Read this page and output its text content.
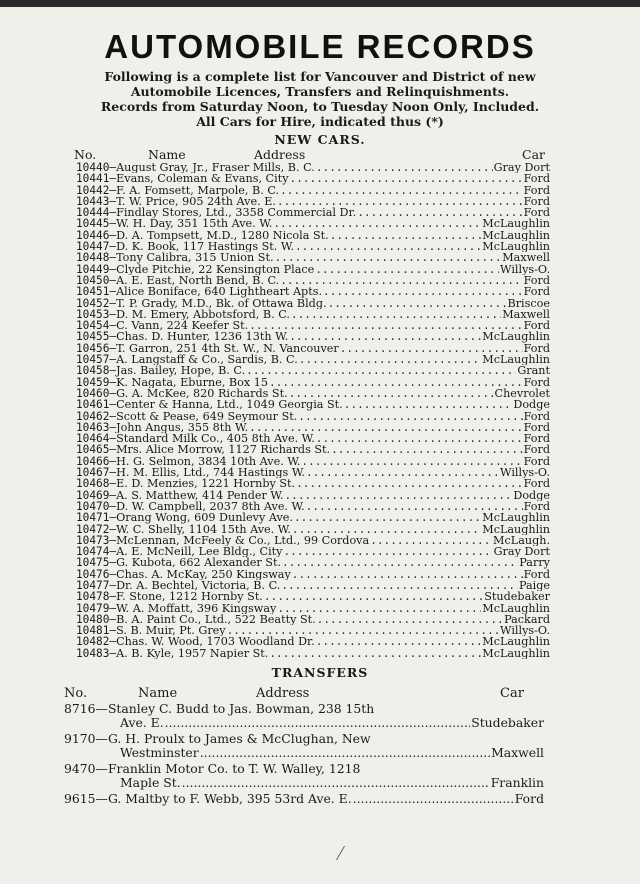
AUTOMOBILE RECORDS

Following is a complete list for Vancouver and District of new

Automobile Licences, Transfers and Relinquishments.

Records from Saturday Noon, to Tuesday Noon Only, Included.

All Cars for Hire, indicated thus (*)

NEW CARS.
No.	Name	Address	Car
10440— August Gray, Jr., Fraser Mills, B. C. .....	Gray Dort
10441— Evans, Coleman & Evans, City .....	Ford
10442— F. A. Fomsett, Marpole, B. C. .....	Ford
10443— T. W. Price, 905 24th Ave. E. .....	Ford
10444— Findlay Stores, Ltd., 3358 Commercial Dr. .....	Ford
10445— W. H. Day, 351 15th Ave. W. .....	McLaughlin
10446— D. A. Tompsett, M.D., 1280 Nicola St. .....	McLaughlin
10447— D. K. Book, 117 Hastings St. W. .....	McLaughlin
10448— Tony Calibra, 315 Union St. .....	Maxwell
10449— Clyde Pitchie, 22 Kensington Place .....	Willys-O.
10450— A. E. East, North Bend, B. C. .....	Ford
10451— Alice Boniface, 640 Lightheart Apts. .....	Ford
10452— T. P. Grady, M.D., Bk. of Ottawa Bldg. .....	Briscoe
10453— D. M. Emery, Abbotsford, B. C. .....	Maxwell
10454— C. Vann, 224 Keefer St. .....	Ford
10455— Chas. D. Hunter, 1236 13th W. .....	McLaughlin
10456— T. Garron, 251 4th St. W., N. Vancouver .....	Ford
10457— A. Langstaff & Co., Sardis, B. C. .....	McLaughlin
10458— Jas. Bailey, Hope, B. C. .....	Grant
10459— K. Nagata, Eburne, Box 15 .....	Ford
10460— G. A. McKee, 820 Richards St. .....	Chevrolet
10461— Center & Hanna, Ltd., 1049 Georgia St. .....	Dodge
10462— Scott & Pease, 649 Seymour St. .....	Ford
10463— John Angus, 355 8th W. .....	Ford
10464— Standard Milk Co., 405 8th Ave. W. .....	Ford
10465— Mrs. Alice Morrow, 1127 Richards St. .....	Ford
10466— H. G. Selmon, 3834 10th Ave. W. .....	Ford
10467— H. M. Ellis, Ltd., 744 Hastings W. .....	Willys-O.
10468— E. D. Menzies, 1221 Hornby St. .....	Ford
10469— A. S. Matthew, 414 Pender W. .....	Dodge
10470— D. W. Campbell, 2037 8th Ave. W. .....	Ford
10471— Orang Wong, 609 Dunlevy Ave. .....	McLaughlin
10472— W. C. Shelly, 1104 15th Ave. W. .....	McLaughlin
10473— McLennan, McFeely & Co., Ltd., 99 Cordova .....	McLaugh.
10474— A. E. McNeill, Lee Bldg., City .....	Gray Dort
10475— G. Kubota, 662 Alexander St. .....	Parry
10476— Chas. A. McKay, 250 Kingsway .....	Ford
10477— Dr. A. Bechtel, Victoria, B. C. .....	Paige
10478— F. Stone, 1212 Hornby St. .....	Studebaker
10479— W. A. Moffatt, 396 Kingsway .....	McLaughlin
10480— B. A. Paint Co., Ltd., 522 Beatty St. .....	Packard
10481— S. B. Muir, Pt. Grey .....	Willys-O.
10482— Chas. W. Wood, 1703 Woodland Dr. .....	McLaughlin
10483— A. B. Kyle, 1957 Napier St. .....	McLaughlin
TRANSFERS
No.	Name	Address	Car
8716— Stanley C. Budd to Jas. Bowman, 238 15th
Ave. E. .....	Studebaker
9170— G. H. Proulx to James & McClughan, New
Westminster .....	Maxwell
9470— Franklin Motor Co. to T. W. Walley, 1218
Maple St. .....	Franklin
9615— G. Maltby to F. Webb, 395 53rd Ave. E. .....	Ford
